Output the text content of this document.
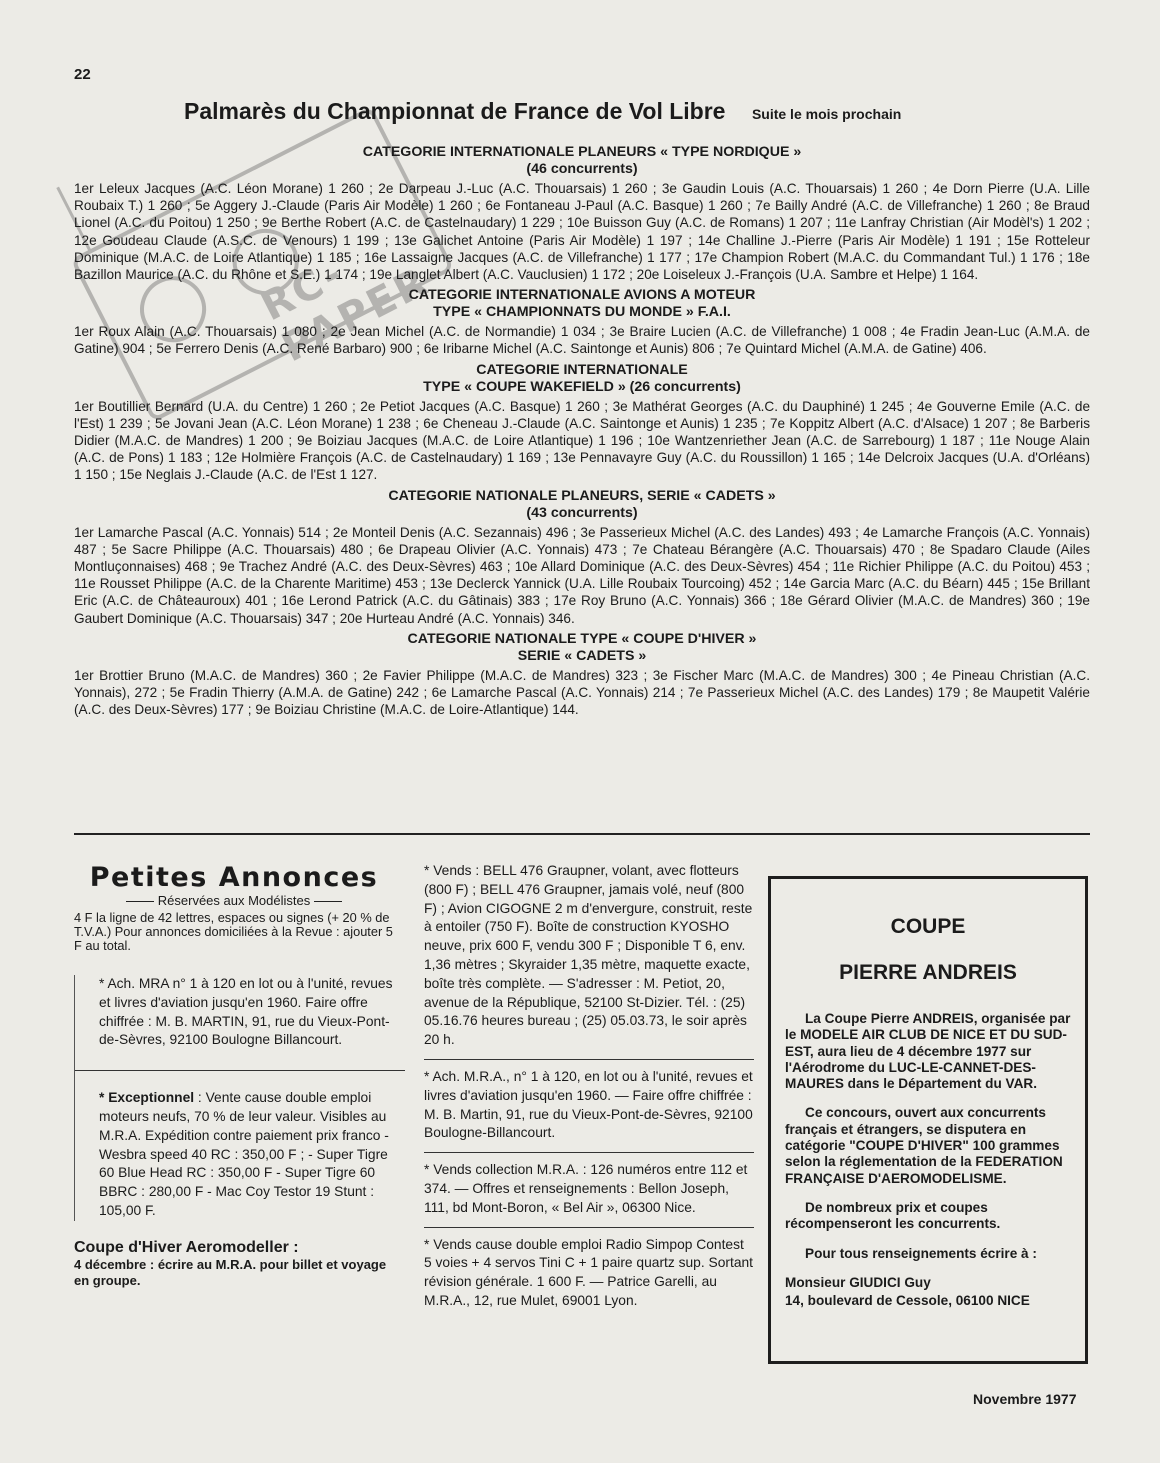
22
RC-PAPER
Palmarès du Championnat de France de Vol Libre Suite le mois prochain
CATEGORIE INTERNATIONALE PLANEURS « TYPE NORDIQUE »
(46 concurrents)

1er Leleux Jacques (A.C. Léon Morane) 1 260 ; 2e Darpeau J.-Luc (A.C. Thouarsais) 1 260 ; 3e Gaudin Louis (A.C. Thouarsais) 1 260 ; 4e Dorn Pierre (U.A. Lille Roubaix T.) 1 260 ; 5e Aggery J.-Claude (Paris Air Modèle) 1 260 ; 6e Fontaneau J-Paul (A.C. Basque) 1 260 ; 7e Bailly André (A.C. de Villefranche) 1 260 ; 8e Braud Lionel (A.C. du Poitou) 1 250 ; 9e Berthe Robert (A.C. de Castelnaudary) 1 229 ; 10e Buisson Guy (A.C. de Romans) 1 207 ; 11e Lanfray Christian (Air Modèl's) 1 202 ; 12e Goudeau Claude (A.S.C. de Venours) 1 199 ; 13e Galichet Antoine (Paris Air Modèle) 1 197 ; 14e Challine J.-Pierre (Paris Air Modèle) 1 191 ; 15e Rotteleur Dominique (M.A.C. de Loire Atlantique) 1 185 ; 16e Lassaigne Jacques (A.C. de Villefranche) 1 177 ; 17e Champion Robert (M.A.C. du Commandant Tul.) 1 176 ; 18e Bazillon Maurice (A.C. du Rhône et S.E.) 1 174 ; 19e Langlet Albert (A.C. Vauclusien) 1 172 ; 20e Loiseleux J.-François (U.A. Sambre et Helpe) 1 164.

CATEGORIE INTERNATIONALE AVIONS A MOTEUR
TYPE « CHAMPIONNATS DU MONDE » F.A.I.

1er Roux Alain (A.C. Thouarsais) 1 080 ; 2e Jean Michel (A.C. de Normandie) 1 034 ; 3e Braire Lucien (A.C. de Villefranche) 1 008 ; 4e Fradin Jean-Luc (A.M.A. de Gatine) 904 ; 5e Ferrero Denis (A.C. René Barbaro) 900 ; 6e Iribarne Michel (A.C. Saintonge et Aunis) 806 ; 7e Quintard Michel (A.M.A. de Gatine) 406.

CATEGORIE INTERNATIONALE
TYPE « COUPE WAKEFIELD » (26 concurrents)

1er Boutillier Bernard (U.A. du Centre) 1 260 ; 2e Petiot Jacques (A.C. Basque) 1 260 ; 3e Mathérat Georges (A.C. du Dauphiné) 1 245 ; 4e Gouverne Emile (A.C. de l'Est) 1 239 ; 5e Jovani Jean (A.C. Léon Morane) 1 238 ; 6e Cheneau J.-Claude (A.C. Saintonge et Aunis) 1 235 ; 7e Koppitz Albert (A.C. d'Alsace) 1 207 ; 8e Barberis Didier (M.A.C. de Mandres) 1 200 ; 9e Boiziau Jacques (M.A.C. de Loire Atlantique) 1 196 ; 10e Wantzenriether Jean (A.C. de Sarrebourg) 1 187 ; 11e Nouge Alain (A.C. de Pons) 1 183 ; 12e Holmière François (A.C. de Castelnaudary) 1 169 ; 13e Pennavayre Guy (A.C. du Roussillon) 1 165 ; 14e Delcroix Jacques (U.A. d'Orléans) 1 150 ; 15e Neglais J.-Claude (A.C. de l'Est 1 127.

CATEGORIE NATIONALE PLANEURS, SERIE « CADETS »
(43 concurrents)

1er Lamarche Pascal (A.C. Yonnais) 514 ; 2e Monteil Denis (A.C. Sezannais) 496 ; 3e Passerieux Michel (A.C. des Landes) 493 ; 4e Lamarche François (A.C. Yonnais) 487 ; 5e Sacre Philippe (A.C. Thouarsais) 480 ; 6e Drapeau Olivier (A.C. Yonnais) 473 ; 7e Chateau Bérangère (A.C. Thouarsais) 470 ; 8e Spadaro Claude (Ailes Montluçonnaises) 468 ; 9e Trachez André (A.C. des Deux-Sèvres) 463 ; 10e Allard Dominique (A.C. des Deux-Sèvres) 454 ; 11e Richier Philippe (A.C. du Poitou) 453 ; 11e Rousset Philippe (A.C. de la Charente Maritime) 453 ; 13e Declerck Yannick (U.A. Lille Roubaix Tourcoing) 452 ; 14e Garcia Marc (A.C. du Béarn) 445 ; 15e Brillant Eric (A.C. de Châteauroux) 401 ; 16e Lerond Patrick (A.C. du Gâtinais) 383 ; 17e Roy Bruno (A.C. Yonnais) 366 ; 18e Gérard Olivier (M.A.C. de Mandres) 360 ; 19e Gaubert Dominique (A.C. Thouarsais) 347 ; 20e Hurteau André (A.C. Yonnais) 346.

CATEGORIE NATIONALE TYPE « COUPE D'HIVER »
SERIE « CADETS »

1er Brottier Bruno (M.A.C. de Mandres) 360 ; 2e Favier Philippe (M.A.C. de Mandres) 323 ; 3e Fischer Marc (M.A.C. de Mandres) 300 ; 4e Pineau Christian (A.C. Yonnais), 272 ; 5e Fradin Thierry (A.M.A. de Gatine) 242 ; 6e Lamarche Pascal (A.C. Yonnais) 214 ; 7e Passerieux Michel (A.C. des Landes) 179 ; 8e Maupetit Valérie (A.C. des Deux-Sèvres) 177 ; 9e Boiziau Christine (M.A.C. de Loire-Atlantique) 144.

Petites Annonces
Réservées aux Modélistes
4 F la ligne de 42 lettres, espaces ou signes (+ 20 % de T.V.A.) Pour annonces domiciliées à la Revue : ajouter 5 F au total.

* Ach. MRA n° 1 à 120 en lot ou à l'unité, revues et livres d'aviation jusqu'en 1960. Faire offre chiffrée : M. B. MARTIN, 91, rue du Vieux-Pont-de-Sèvres, 92100 Boulogne Billancourt.

* Exceptionnel : Vente cause double emploi moteurs neufs, 70 % de leur valeur. Visibles au M.R.A. Expédition contre paiement prix franco - Wesbra speed 40 RC : 350,00 F ; - Super Tigre 60 Blue Head RC : 350,00 F - Super Tigre 60 BBRC : 280,00 F - Mac Coy Testor 19 Stunt : 105,00 F.

Coupe d'Hiver Aeromodeller :
4 décembre : écrire au M.R.A. pour billet et voyage en groupe.

* Vends : BELL 476 Graupner, volant, avec flotteurs (800 F) ; BELL 476 Graupner, jamais volé, neuf (800 F) ; Avion CIGOGNE 2 m d'envergure, construit, reste à entoiler (750 F). Boîte de construction KYOSHO neuve, prix 600 F, vendu 300 F ; Disponible T 6, env. 1,36 mètres ; Skyraider 1,35 mètre, maquette exacte, boîte très complète. — S'adresser : M. Petiot, 20, avenue de la République, 52100 St-Dizier. Tél. : (25) 05.16.76 heures bureau ; (25) 05.03.73, le soir après 20 h.

* Ach. M.R.A., n° 1 à 120, en lot ou à l'unité, revues et livres d'aviation jusqu'en 1960. — Faire offre chiffrée : M. B. Martin, 91, rue du Vieux-Pont-de-Sèvres, 92100 Boulogne-Billancourt.

* Vends collection M.R.A. : 126 numéros entre 112 et 374. — Offres et renseignements : Bellon Joseph, 111, bd Mont-Boron, « Bel Air », 06300 Nice.

* Vends cause double emploi Radio Simpop Contest 5 voies + 4 servos Tini C + 1 paire quartz sup. Sortant révision générale. 1 600 F. — Patrice Garelli, au M.R.A., 12, rue Mulet, 69001 Lyon.

COUPE
PIERRE ANDREIS

La Coupe Pierre ANDREIS, organisée par le MODELE AIR CLUB DE NICE ET DU SUD-EST, aura lieu de 4 décembre 1977 sur l'Aérodrome du LUC-LE-CANNET-DES-MAURES dans le Département du VAR.

Ce concours, ouvert aux concurrents français et étrangers, se disputera en catégorie "COUPE D'HIVER" 100 grammes selon la réglementation de la FEDERATION FRANÇAISE D'AEROMODELISME.

De nombreux prix et coupes récompenseront les concurrents.

Pour tous renseignements écrire à :

Monsieur GIUDICI Guy

14, boulevard de Cessole, 06100 NICE

Novembre 1977
